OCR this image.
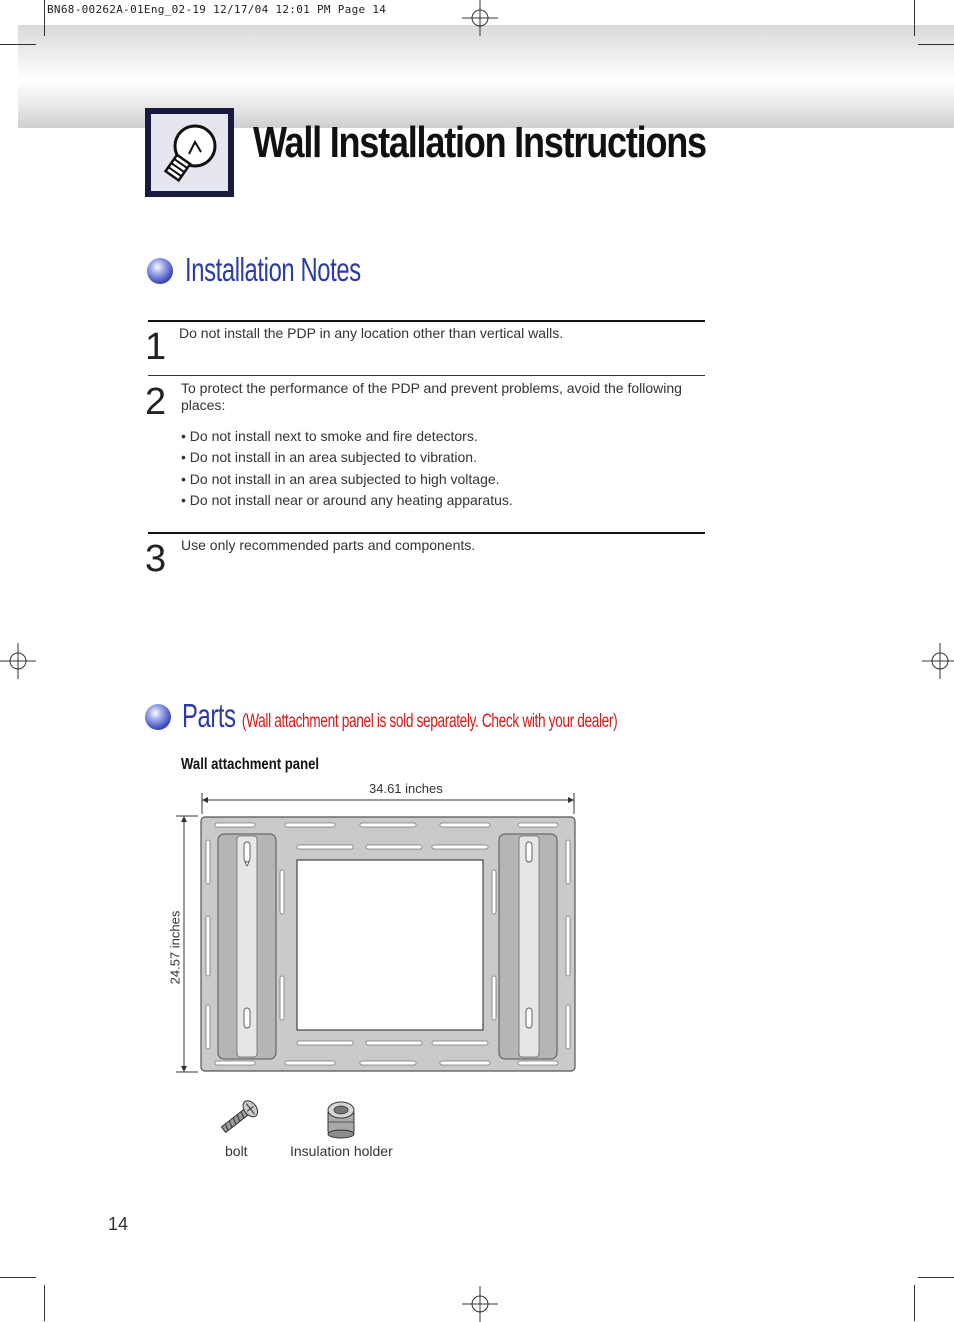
BN68-00262A-01Eng_02-19 12/17/04 12:01 PM Page 14
Wall Installation Instructions
Installation Notes
1 Do not install the PDP in any location other than vertical walls.
2 To protect the performance of the PDP and prevent problems, avoid the following places:
• Do not install next to smoke and fire detectors.
• Do not install in an area subjected to vibration.
• Do not install in an area subjected to high voltage.
• Do not install near or around any heating apparatus.
3 Use only recommended parts and components.
Parts (Wall attachment panel is sold separately. Check with your dealer)
Wall attachment panel
34.61 inches
24.57 inches
bolt	Insulation holder
14
